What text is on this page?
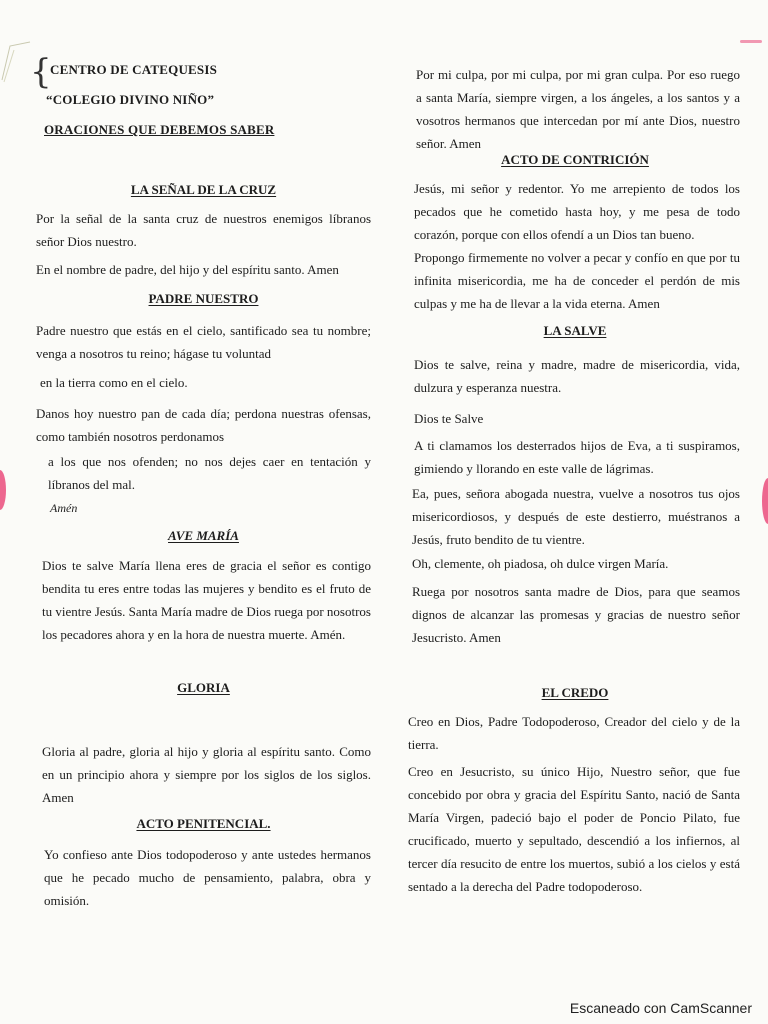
{
CENTRO DE CATEQUESIS
“COLEGIO DIVINO NIÑO”
ORACIONES QUE DEBEMOS SABER
LA SEÑAL DE LA CRUZ

Por la señal de la santa cruz de nuestros enemigos líbranos señor Dios nuestro.

En el nombre de padre, del hijo y del espíritu santo. Amen

PADRE NUESTRO

Padre nuestro que estás en el cielo, santificado sea tu nombre; venga a nosotros tu reino; hágase tu voluntad

en la tierra como en el cielo.

Danos hoy nuestro pan de cada día; perdona nuestras ofensas, como también nosotros perdonamos

a los que nos ofenden; no nos dejes caer en tentación y líbranos del mal.

Amén

AVE MARÍA

Dios te salve María llena eres de gracia el señor es contigo bendita tu eres entre todas las mujeres y bendito es el fruto de tu vientre Jesús. Santa María madre de Dios ruega por nosotros los pecadores ahora y en la hora de nuestra muerte. Amén.

GLORIA

Gloria al padre, gloria al hijo y gloria al espíritu santo. Como en un principio ahora y siempre por los siglos de los siglos. Amen

ACTO PENITENCIAL.

Yo confieso ante Dios todopoderoso y ante ustedes hermanos que he pecado mucho de pensamiento, palabra, obra y omisión.

Por mi culpa, por mi culpa, por mi gran culpa. Por eso ruego a santa María, siempre virgen, a los ángeles, a los santos y a vosotros hermanos que intercedan por mí ante Dios, nuestro señor. Amen

ACTO DE CONTRICIÓN

Jesús, mi señor y redentor. Yo me arrepiento de todos los pecados que he cometido hasta hoy, y me pesa de todo corazón, porque con ellos ofendí a un Dios tan bueno.

Propongo firmemente no volver a pecar y confío en que por tu infinita misericordia, me ha de conceder el perdón de mis culpas y me ha de llevar a la vida eterna. Amen

LA SALVE

Dios te salve, reina y madre, madre de misericordia, vida, dulzura y esperanza nuestra.

Dios te Salve

A ti clamamos los desterrados hijos de Eva, a ti suspiramos, gimiendo y llorando en este valle de lágrimas.

Ea, pues, señora abogada nuestra, vuelve a nosotros tus ojos misericordiosos, y después de este destierro, muéstranos a Jesús, fruto bendito de tu vientre.

Oh, clemente, oh piadosa, oh dulce virgen María.

Ruega por nosotros santa madre de Dios, para que seamos dignos de alcanzar las promesas y gracias de nuestro señor Jesucristo. Amen

EL CREDO

Creo en Dios, Padre Todopoderoso, Creador del cielo y de la tierra.

Creo en Jesucristo, su único Hijo, Nuestro señor, que fue concebido por obra y gracia del Espíritu Santo, nació de Santa María Virgen, padeció bajo el poder de Poncio Pilato, fue crucificado, muerto y sepultado, descendió a los infiernos, al tercer día resucito de entre los muertos, subió a los cielos y está sentado a la derecha del Padre todopoderoso.

Escaneado con CamScanner
